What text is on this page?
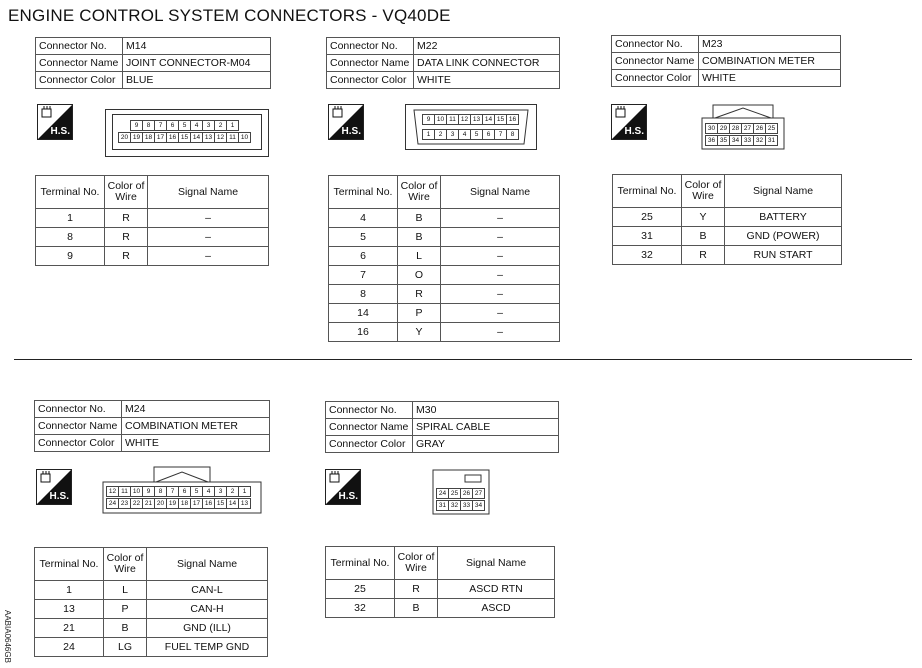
ENGINE CONTROL SYSTEM CONNECTORS - VQ40DE
AABIA0646GB
Connector No.	M14
Connector Name	JOINT CONNECTOR-M04
Connector Color	BLUE
H.S.
9	8	7	6	5	4	3	2	1
20 19 18 17 16 15 14 13 12 11 10
Terminal No.	Color of Wire	Signal Name
1	R	–
8	R	–
9	R	–
Connector No.	M22
Connector Name	DATA LINK CONNECTOR
Connector Color	WHITE
H.S.
9	10 11 12 13 14 15 16
1	2	3	4	5	6	7	8
Terminal No.	Color of Wire	Signal Name
4	B	–
5	B	–
6	L	–
7	O	–
8	R	–
14	P	–
16	Y	–
Connector No.	M23
Connector Name	COMBINATION METER
Connector Color	WHITE
H.S.	30 29 28 27 26 25
36 35 34 33 32 31
Terminal No.	Color of Wire	Signal Name
25	Y	BATTERY
31	B	GND (POWER)
32	R	RUN START
Connector No.	M24
Connector Name	COMBINATION METER
Connector Color	WHITE
H.S.	12 11 10	9	8	7	6	5	4	3	2	1
24 23 22 21 20 19 18 17 16 15 14 13
Terminal No.	Color of Wire	Signal Name
1	L	CAN-L
13	P	CAN-H
21	B	GND (ILL)
24	LG	FUEL TEMP GND
Connector No.	M30
Connector Name	SPIRAL CABLE
Connector Color	GRAY
H.S.	24 25 26 27
31 32 33 34
Terminal No.	Color of Wire	Signal Name
25	R	ASCD RTN
32	B	ASCD
